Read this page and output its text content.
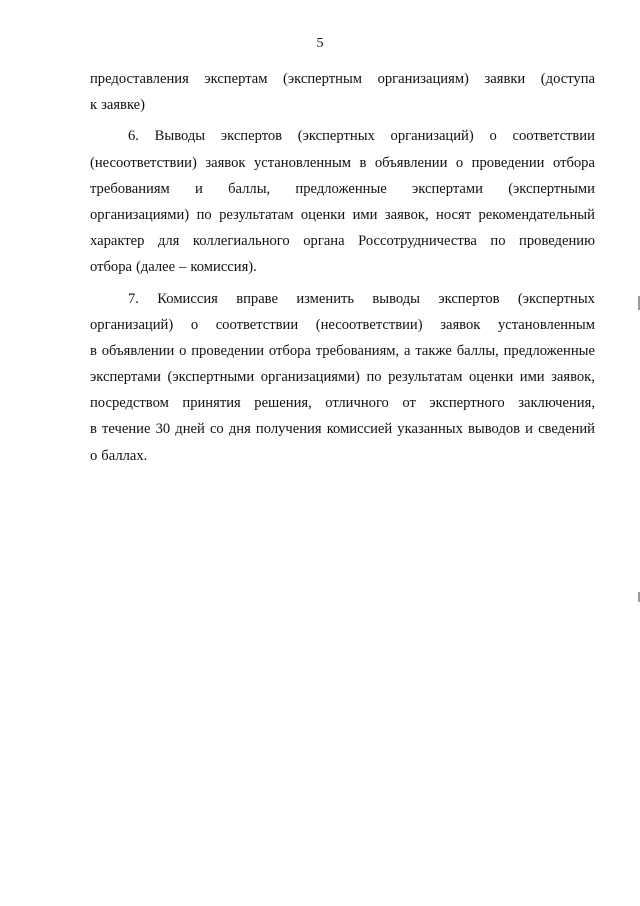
5
предоставления экспертам (экспертным организациям) заявки (доступа
к заявке)
6. Выводы экспертов (экспертных организаций) о соответствии
(несоответствии) заявок установленным в объявлении о проведении отбора
требованиям и баллы, предложенные экспертами (экспертными
организациями) по результатам оценки ими заявок, носят рекомендательный
характер для коллегиального органа Россотрудничества по проведению
отбора (далее – комиссия).
7. Комиссия вправе изменить выводы экспертов (экспертных
организаций) о соответствии (несоответствии) заявок установленным
в объявлении о проведении отбора требованиям, а также баллы, предложенные
экспертами (экспертными организациями) по результатам оценки ими заявок,
посредством принятия решения, отличного от экспертного заключения,
в течение 30 дней со дня получения комиссией указанных выводов и сведений
о баллах.
